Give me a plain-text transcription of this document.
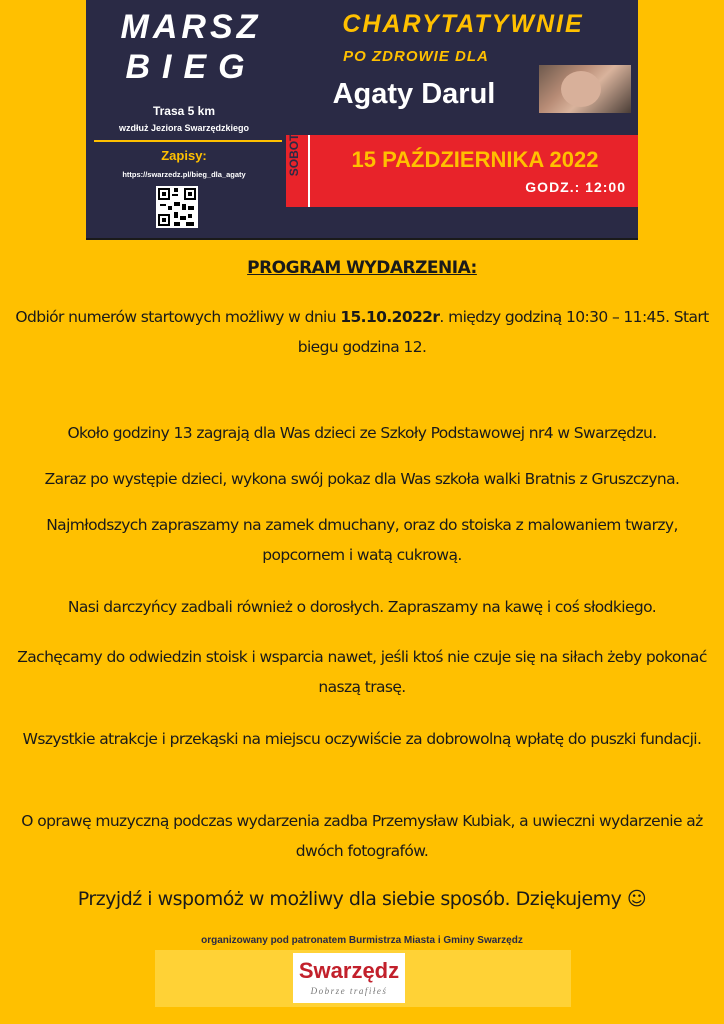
MARSZ
BIEG
Trasa 5 km
wzdłuż Jeziora Swarzędzkiego
Zapisy:
https://swarzedz.pl/bieg_dla_agaty
CHARYTATYWNIE
PO ZDROWIE DLA
Agaty Darul
SOBOTA	15 PAŹDZIERNIKA 2022
GODZ.: 12:00
PROGRAM WYDARZENIA:
Odbiór numerów startowych możliwy w dniu 15.10.2022r. między godziną 10:30 – 11:45. Start biegu godzina 12.
Około godziny 13 zagrają dla Was dzieci ze Szkoły Podstawowej nr4 w Swarzędzu.
Zaraz po występie dzieci, wykona swój pokaz dla Was szkoła walki Bratnis z Gruszczyna.
Najmłodszych zapraszamy na zamek dmuchany, oraz do stoiska z malowaniem twarzy, popcornem i watą cukrową.
Nasi darczyńcy zadbali również o dorosłych. Zapraszamy na kawę i coś słodkiego.
Zachęcamy do odwiedzin stoisk i wsparcia nawet, jeśli ktoś nie czuje się na siłach żeby pokonać naszą trasę.
Wszystkie atrakcje i przekąski na miejscu oczywiście za dobrowolną wpłatę do puszki fundacji.
O oprawę muzyczną podczas wydarzenia zadba Przemysław Kubiak, a uwieczni wydarzenie aż dwóch fotografów.
Przyjdź i wspomóż w możliwy dla siebie sposób. Dziękujemy ☺
organizowany pod patronatem Burmistrza Miasta i Gminy Swarzędz
Swarzędz
Dobrze trafiłeś
